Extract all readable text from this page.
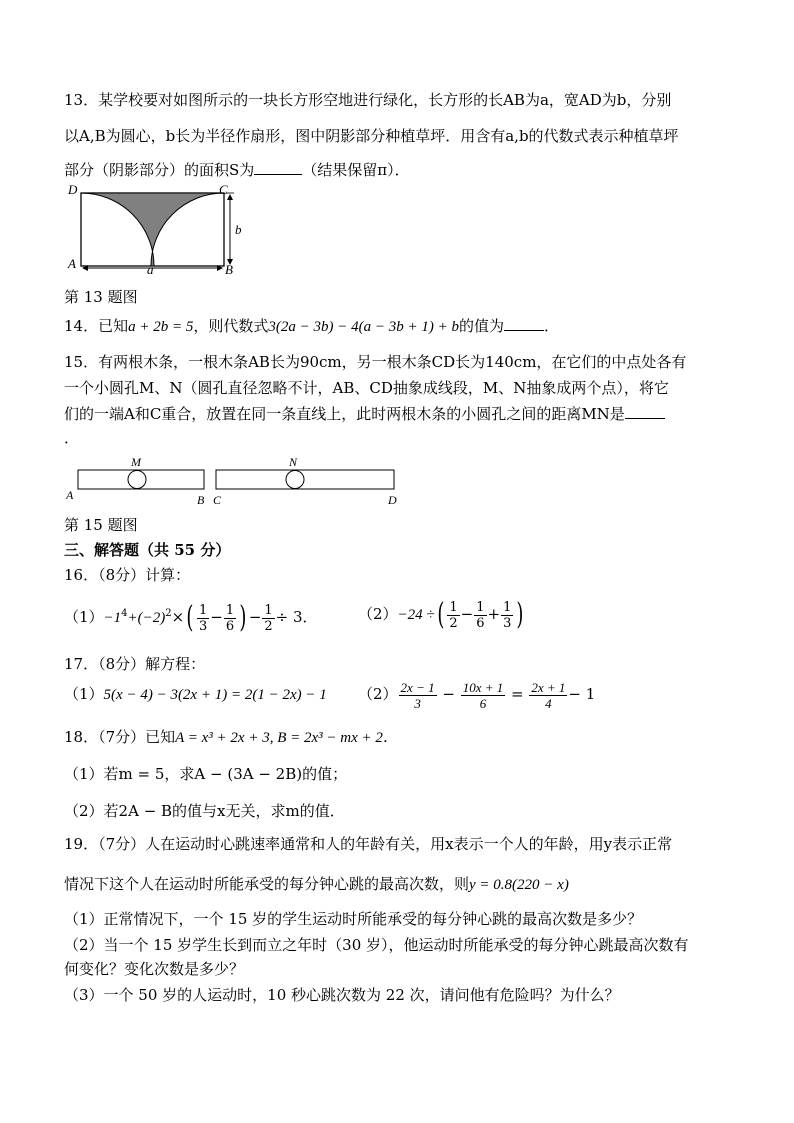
13．某学校要对如图所示的一块长方形空地进行绿化，长方形的长AB为a，宽AD为b，分别
以A,B为圆心，b长为半径作扇形，图中阴影部分种植草坪．用含有a,b的代数式表示种植草坪
部分（阴影部分）的面积S为	（结果保留π）．
D	C
A	B
b
a
第 13 题图
14．已知a + 2b = 5，则代数式3(2a − 3b) − 4(a − 3b + 1) + b的值为	．
15．有两根木条，一根木条AB长为90cm，另一根木条CD长为140cm，在它们的中点处各有
一个小圆孔M、N（圆孔直径忽略不计，AB、CD抽象成线段，M、N抽象成两个点），将它
们的一端A和C重合，放置在同一条直线上，此时两根木条的小圆孔之间的距离MN是
．
M	N
A	B C	D
第 15 题图
三、解答题（共 55 分）
16．（8分）计算：
$(1)-1^4+(-2)^2\times( \frac{1}{3} - \frac{1}{6}$ ) − $\frac{1}{2} \div 3$．	（2）−24 ÷( $\frac{1}{2} - \frac{1}{6} + \frac{1}{3}$ )
17．（8分）解方程：
（1）5(x − 4) − 3(2x + 1) = 2(1 − 2x) − 1 $(2) \frac{2x - 1}{3} - \frac{10x + 1}{6} = \frac{2x + 1}{4} - 1$
18．（7分）已知A = x³ + 2x + 3, B = 2x³ − mx + 2．
（1）若m = 5，求A − (3A − 2B)的值；
（2）若2A − B的值与x无关，求m的值．
19．（7分）人在运动时心跳速率通常和人的年龄有关，用x表示一个人的年龄，用y表示正常
情况下这个人在运动时所能承受的每分钟心跳的最高次数，则y = 0.8(220 − x)
（1）正常情况下，一个 15 岁的学生运动时所能承受的每分钟心跳的最高次数是多少？
（2）当一个 15 岁学生长到而立之年时（30 岁），他运动时所能承受的每分钟心跳最高次数有
何变化？变化次数是多少？
（3）一个 50 岁的人运动时，10 秒心跳次数为 22 次，请问他有危险吗？为什么？
